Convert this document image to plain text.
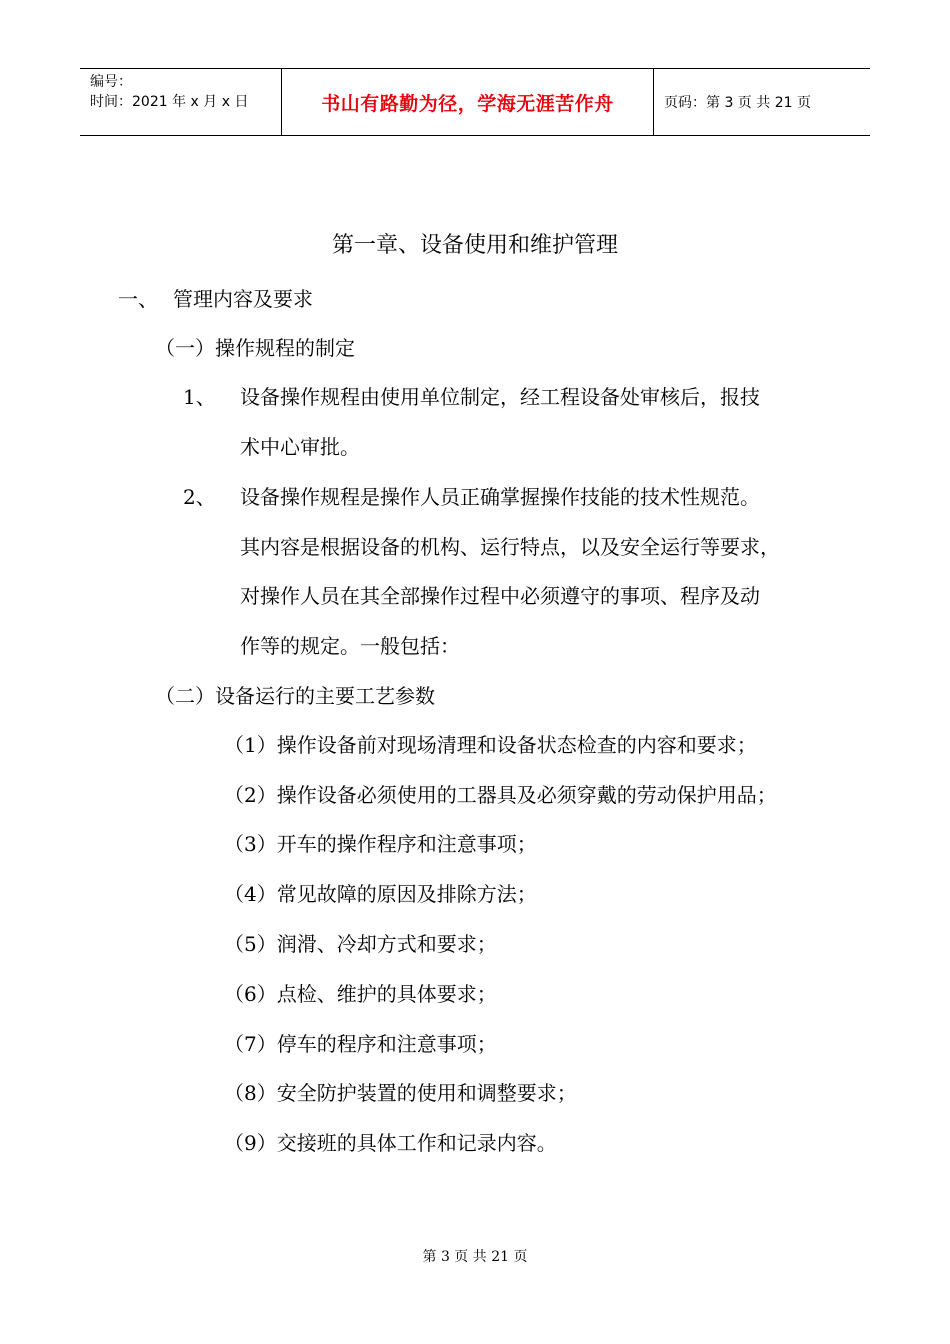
编号：
时间：2021 年 x 月 x 日	书山有路勤为径，学海无涯苦作舟	页码：第 3 页 共 21 页
第一章、设备使用和维护管理
一、 管理内容及要求
（一）操作规程的制定
1、 设备操作规程由使用单位制定，经工程设备处审核后，报技
术中心审批。
2、 设备操作规程是操作人员正确掌握操作技能的技术性规范。
其内容是根据设备的机构、运行特点，以及安全运行等要求，
对操作人员在其全部操作过程中必须遵守的事项、程序及动
作等的规定。一般包括：
（二）设备运行的主要工艺参数
（1）操作设备前对现场清理和设备状态检查的内容和要求；
（2）操作设备必须使用的工器具及必须穿戴的劳动保护用品；
（3）开车的操作程序和注意事项；
（4）常见故障的原因及排除方法；
（5）润滑、冷却方式和要求；
（6）点检、维护的具体要求；
（7）停车的程序和注意事项；
（8）安全防护装置的使用和调整要求；
（9）交接班的具体工作和记录内容。
第 3 页 共 21 页
